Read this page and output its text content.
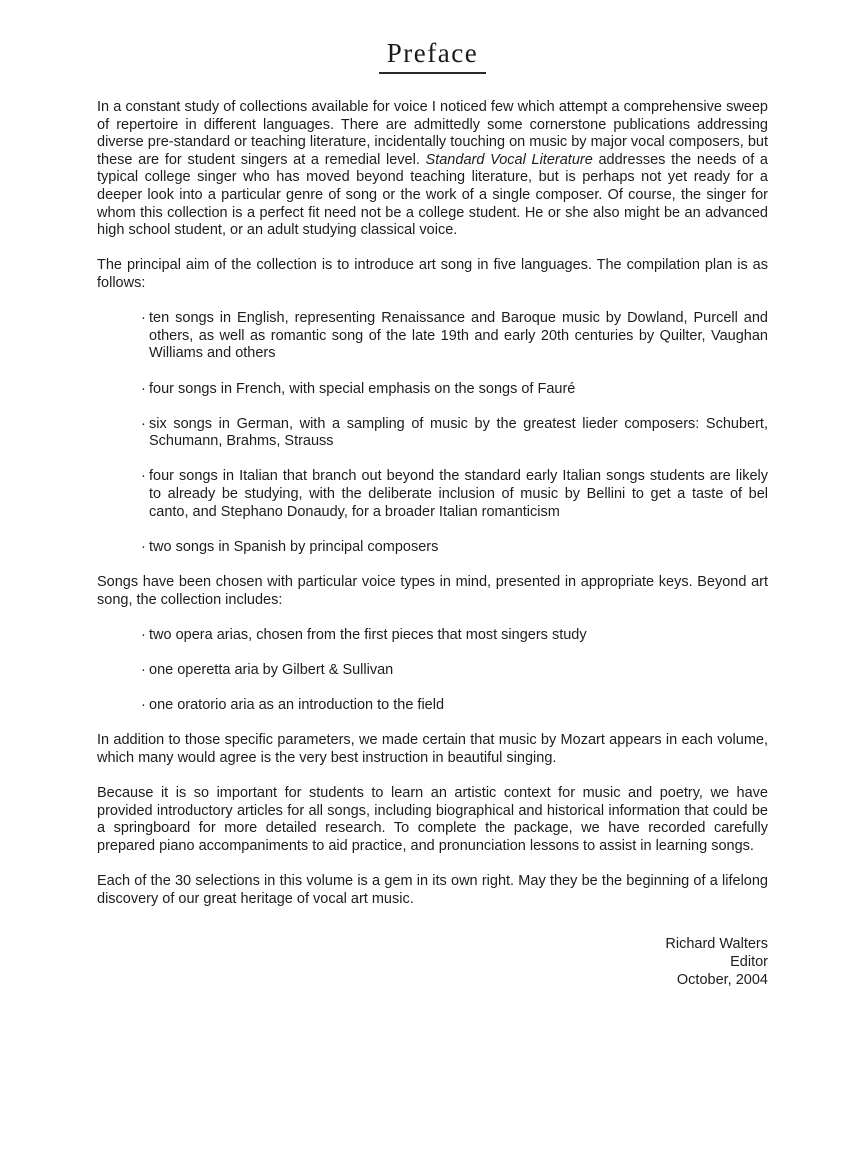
Preface

In a constant study of collections available for voice I noticed few which attempt a comprehensive sweep of repertoire in different languages. There are admittedly some cornerstone publications addressing diverse pre-standard or teaching literature, incidentally touching on music by major vocal composers, but these are for student singers at a remedial level. Standard Vocal Literature addresses the needs of a typical college singer who has moved beyond teaching literature, but is perhaps not yet ready for a deeper look into a particular genre of song or the work of a single composer. Of course, the singer for whom this collection is a perfect fit need not be a college student. He or she also might be an advanced high school student, or an adult studying classical voice.

The principal aim of the collection is to introduce art song in five languages. The compilation plan is as follows:

· ten songs in English, representing Renaissance and Baroque music by Dowland, Purcell and others, as well as romantic song of the late 19th and early 20th centuries by Quilter, Vaughan Williams and others
· four songs in French, with special emphasis on the songs of Fauré
· six songs in German, with a sampling of music by the greatest lieder composers: Schubert, Schumann, Brahms, Strauss
· four songs in Italian that branch out beyond the standard early Italian songs students are likely to already be studying, with the deliberate inclusion of music by Bellini to get a taste of bel canto, and Stephano Donaudy, for a broader Italian romanticism
· two songs in Spanish by principal composers

Songs have been chosen with particular voice types in mind, presented in appropriate keys. Beyond art song, the collection includes:

· two opera arias, chosen from the first pieces that most singers study
· one operetta aria by Gilbert & Sullivan
· one oratorio aria as an introduction to the field

In addition to those specific parameters, we made certain that music by Mozart appears in each volume, which many would agree is the very best instruction in beautiful singing.

Because it is so important for students to learn an artistic context for music and poetry, we have provided introductory articles for all songs, including biographical and historical information that could be a springboard for more detailed research. To complete the package, we have recorded carefully prepared piano accompaniments to aid practice, and pronunciation lessons to assist in learning songs.

Each of the 30 selections in this volume is a gem in its own right. May they be the beginning of a lifelong discovery of our great heritage of vocal art music.

Richard Walters
Editor
October, 2004
